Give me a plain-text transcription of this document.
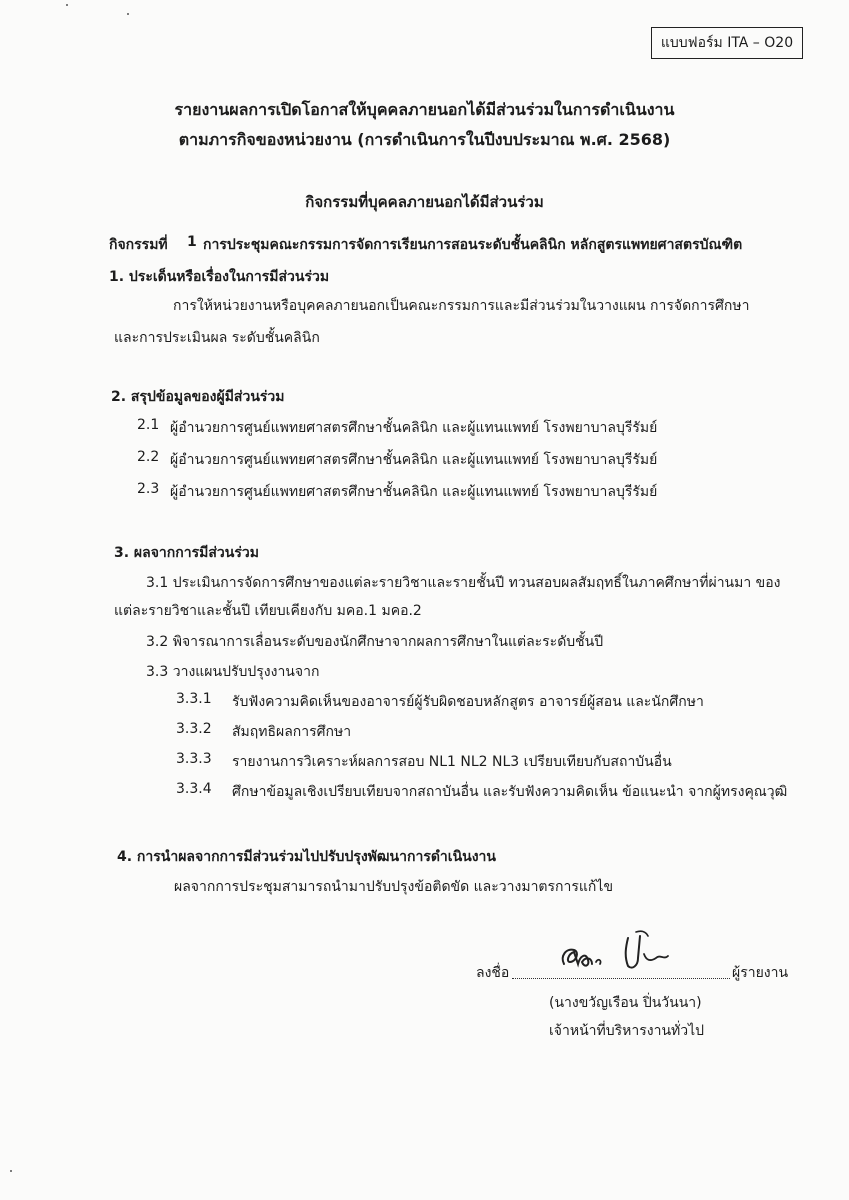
แบบฟอร์ม ITA – O20
รายงานผลการเปิดโอกาสให้บุคคลภายนอกได้มีส่วนร่วมในการดำเนินงาน
ตามภารกิจของหน่วยงาน (การดำเนินการในปีงบประมาณ พ.ศ. 2568)
กิจกรรมที่บุคคลภายนอกได้มีส่วนร่วม
กิจกรรมที่ 1 การประชุมคณะกรรมการจัดการเรียนการสอนระดับชั้นคลินิก หลักสูตรแพทยศาสตรบัณฑิต
1. ประเด็นหรือเรื่องในการมีส่วนร่วม
การให้หน่วยงานหรือบุคคลภายนอกเป็นคณะกรรมการและมีส่วนร่วมในวางแผน การจัดการศึกษา
และการประเมินผล ระดับชั้นคลินิก
2. สรุปข้อมูลของผู้มีส่วนร่วม
2.1 ผู้อำนวยการศูนย์แพทยศาสตรศึกษาชั้นคลินิก และผู้แทนแพทย์ โรงพยาบาลบุรีรัมย์
2.2 ผู้อำนวยการศูนย์แพทยศาสตรศึกษาชั้นคลินิก และผู้แทนแพทย์ โรงพยาบาลบุรีรัมย์
2.3 ผู้อำนวยการศูนย์แพทยศาสตรศึกษาชั้นคลินิก และผู้แทนแพทย์ โรงพยาบาลบุรีรัมย์
3. ผลจากการมีส่วนร่วม
3.1 ประเมินการจัดการศึกษาของแต่ละรายวิชาและรายชั้นปี ทวนสอบผลสัมฤทธิ์ในภาคศึกษาที่ผ่านมา ของ
แต่ละรายวิชาและชั้นปี เทียบเคียงกับ มคอ.1 มคอ.2
3.2 พิจารณาการเลื่อนระดับของนักศึกษาจากผลการศึกษาในแต่ละระดับชั้นปี
3.3 วางแผนปรับปรุงงานจาก
3.3.1 รับฟังความคิดเห็นของอาจารย์ผู้รับผิดชอบหลักสูตร อาจารย์ผู้สอน และนักศึกษา
3.3.2 สัมฤทธิผลการศึกษา
3.3.3 รายงานการวิเคราะห์ผลการสอบ NL1 NL2 NL3 เปรียบเทียบกับสถาบันอื่น
3.3.4 ศึกษาข้อมูลเชิงเปรียบเทียบจากสถาบันอื่น และรับฟังความคิดเห็น ข้อแนะนำ จากผู้ทรงคุณวุฒิ
4. การนำผลจากการมีส่วนร่วมไปปรับปรุงพัฒนาการดำเนินงาน
ผลจากการประชุมสามารถนำมาปรับปรุงข้อติดขัด และวางมาตรการแก้ไข
ลงชื่อ	ผู้รายงาน
(นางขวัญเรือน ปิ่นวันนา)
เจ้าหน้าที่บริหารงานทั่วไป
